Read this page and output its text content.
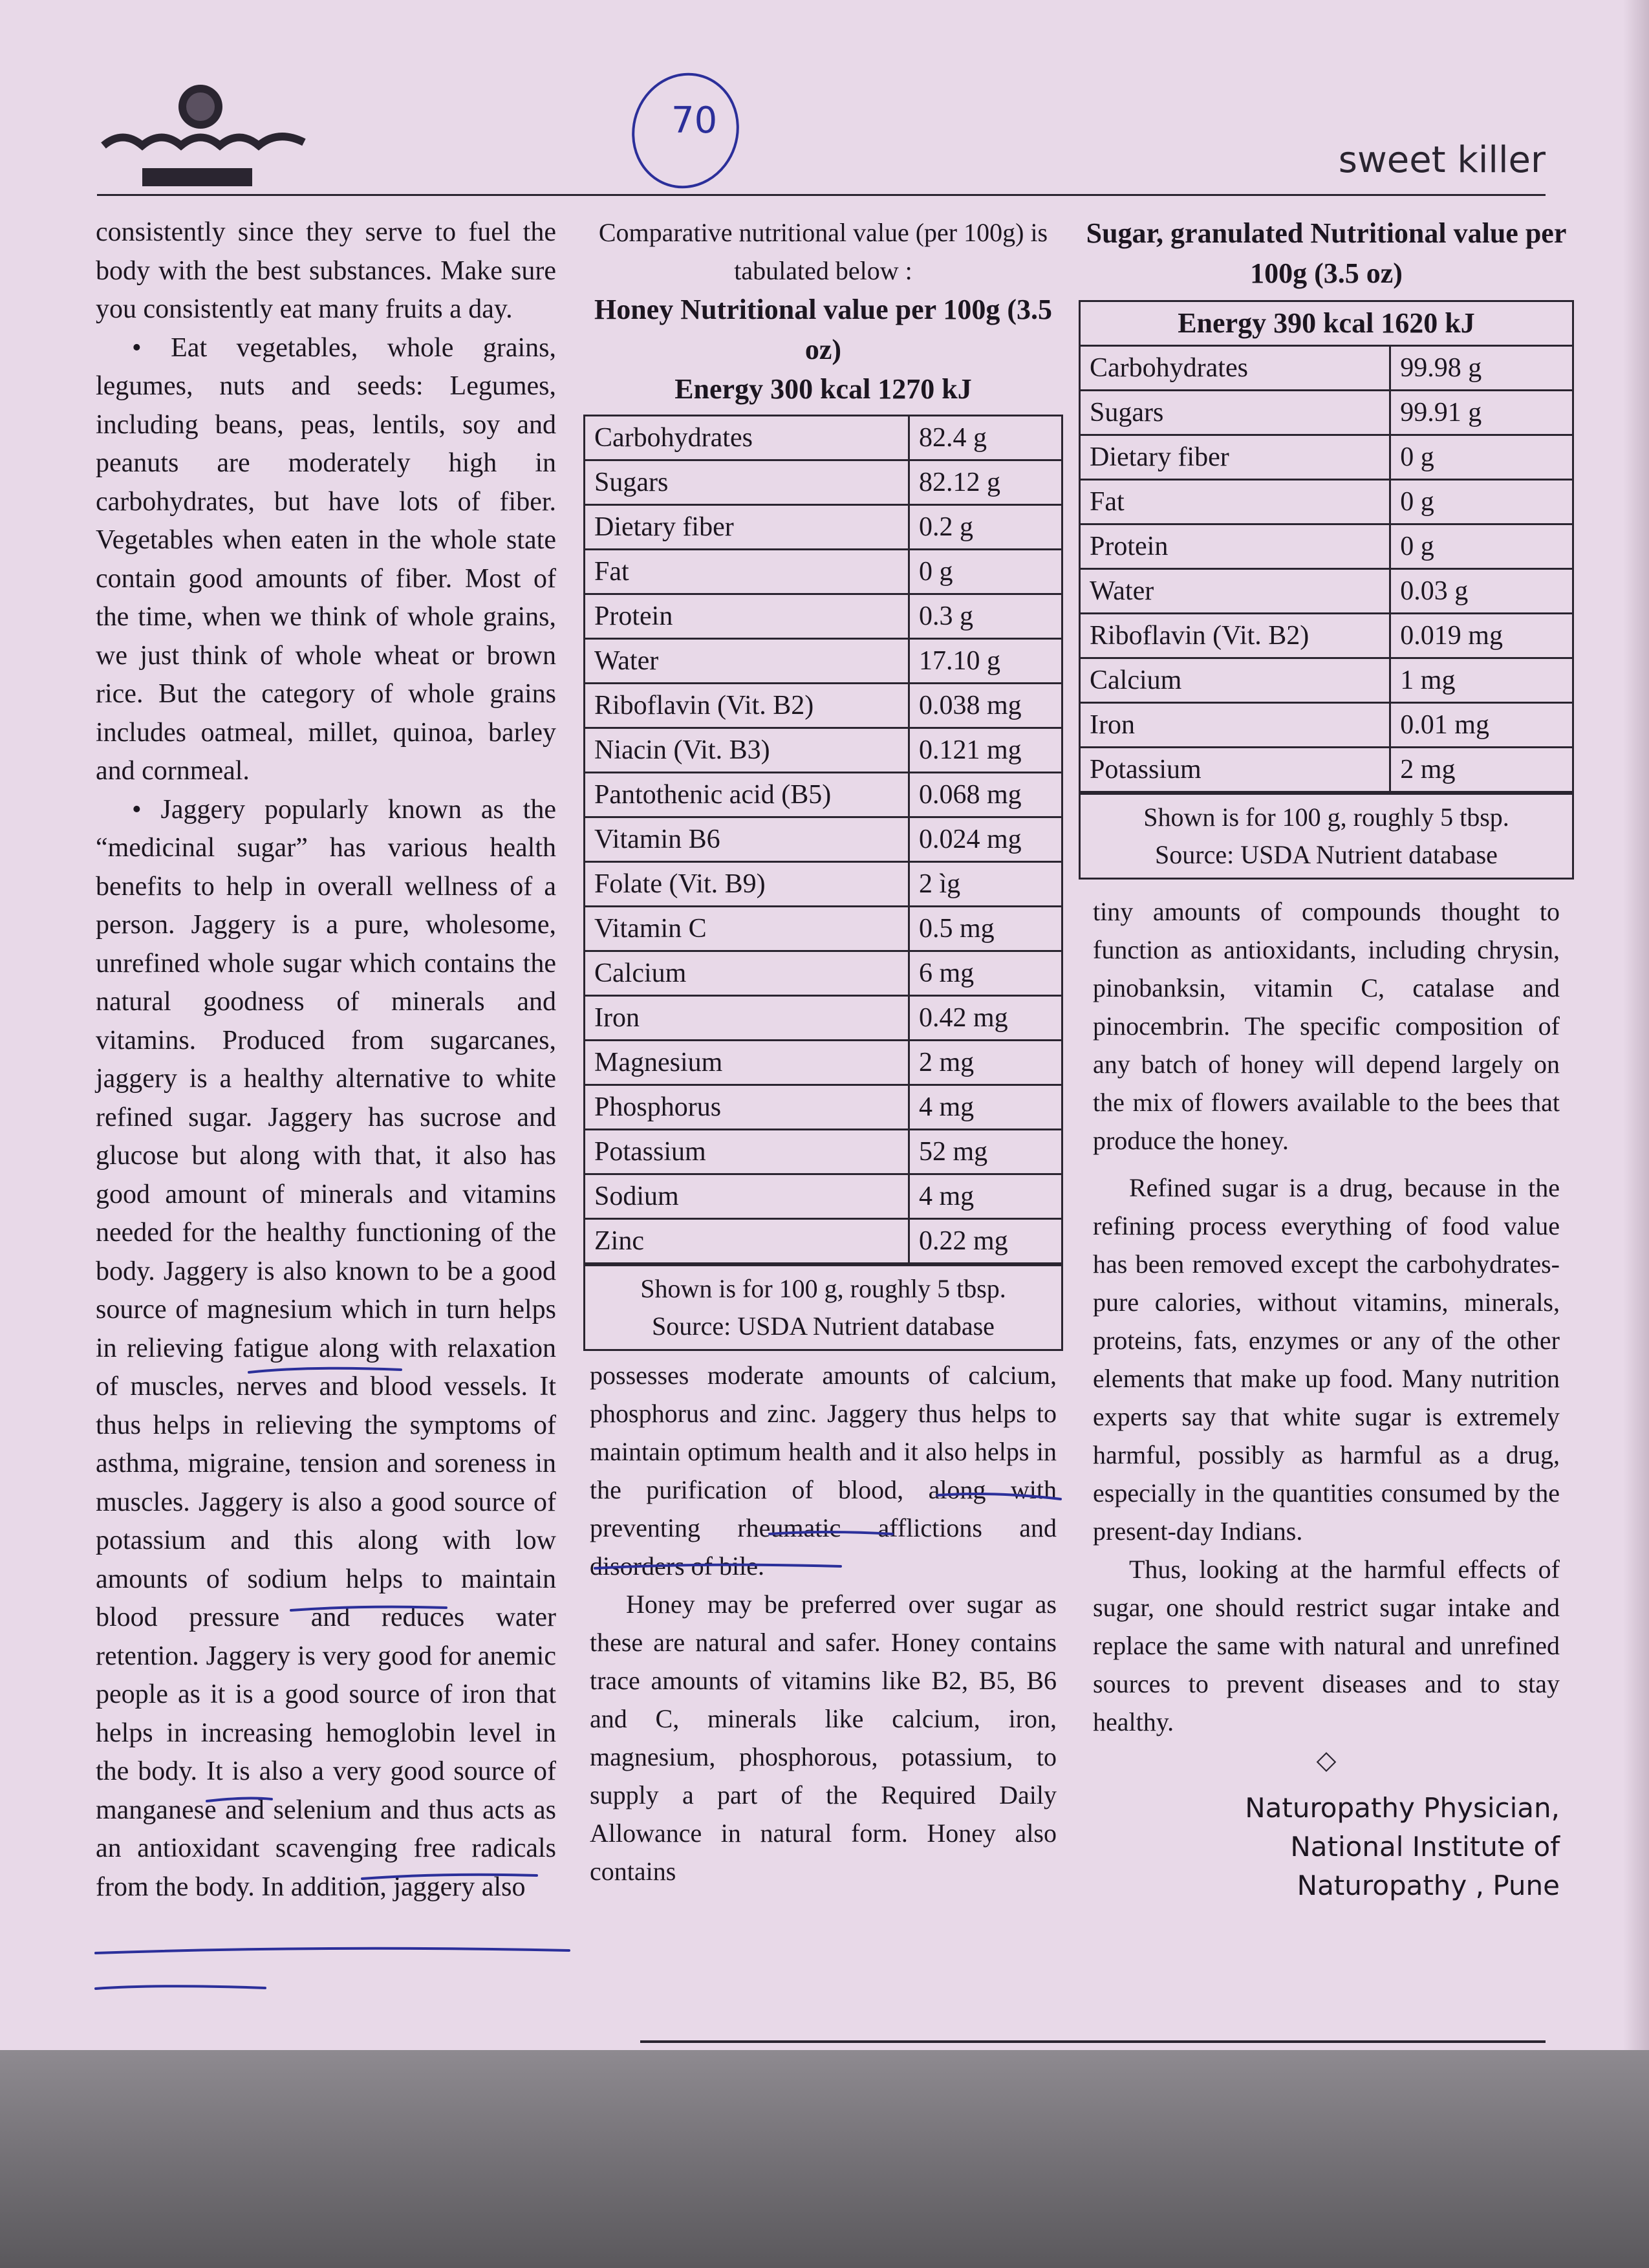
70
sweet killer

consistently since they serve to fuel the body with the best substances. Make sure you consistently eat many fruits a day.

• Eat vegetables, whole grains, legumes, nuts and seeds: Legumes, including beans, peas, lentils, soy and peanuts are moderately high in carbohydrates, but have lots of fiber. Vegetables when eaten in the whole state contain good amounts of fiber. Most of the time, when we think of whole grains, we just think of whole wheat or brown rice. But the category of whole grains includes oatmeal, millet, quinoa, barley and cornmeal.

• Jaggery popularly known as the “medicinal sugar” has various health benefits to help in overall wellness of a person. Jaggery is a pure, wholesome, unrefined whole sugar which contains the natural goodness of minerals and vitamins. Produced from sugarcanes, jaggery is a healthy alternative to white refined sugar. Jaggery has sucrose and glucose but along with that, it also has good amount of minerals and vitamins needed for the healthy functioning of the body. Jaggery is also known to be a good source of magnesium which in turn helps in relieving fatigue along with relaxation of muscles, nerves and blood vessels. It thus helps in relieving the symptoms of asthma, migraine, tension and soreness in muscles. Jaggery is also a good source of potassium and this along with low amounts of sodium helps to maintain blood pressure and reduces water retention. Jaggery is very good for anemic people as it is a good source of iron that helps in increasing hemoglobin level in the body. It is also a very good source of manganese and selenium and thus acts as an antioxidant scavenging free radicals from the body. In addition, jaggery also

Comparative nutritional value (per 100g) is tabulated below :

Honey Nutritional value per 100g (3.5 oz)
Energy 300 kcal 1270 kJ
Carbohydrates	82.4 g
Sugars	82.12 g
Dietary fiber	0.2 g
Fat	0 g
Protein	0.3 g
Water	17.10 g
Riboflavin (Vit. B2)	0.038 mg
Niacin (Vit. B3)	0.121 mg
Pantothenic acid (B5)	0.068 mg
Vitamin B6	0.024 mg
Folate (Vit. B9)	2 ìg
Vitamin C	0.5 mg
Calcium	6 mg
Iron	0.42 mg
Magnesium	2 mg
Phosphorus	4 mg
Potassium	52 mg
Sodium	4 mg
Zinc	0.22 mg
Shown is for 100 g, roughly 5 tbsp.
Source: USDA Nutrient database

possesses moderate amounts of calcium, phosphorus and zinc. Jaggery thus helps to maintain optimum health and it also helps in the purification of blood, along with preventing rheumatic afflictions and disorders of bile.

Honey may be preferred over sugar as these are natural and safer. Honey contains trace amounts of vitamins like B2, B5, B6 and C, minerals like calcium, iron, magnesium, phosphorous, potassium, to supply a part of the Required Daily Allowance in natural form. Honey also contains

Sugar, granulated Nutritional value per 100g (3.5 oz)
Energy 390 kcal 1620 kJ
Carbohydrates	99.98 g
Sugars	99.91 g
Dietary fiber	0 g
Fat	0 g
Protein	0 g
Water	0.03 g
Riboflavin (Vit. B2)	0.019 mg
Calcium	1 mg
Iron	0.01 mg
Potassium	2 mg
Shown is for 100 g, roughly 5 tbsp.
Source: USDA Nutrient database

tiny amounts of compounds thought to function as antioxidants, including chrysin, pinobanksin, vitamin C, catalase and pinocembrin. The specific composition of any batch of honey will depend largely on the mix of flowers available to the bees that produce the honey.

Refined sugar is a drug, because in the refining process everything of food value has been removed except the carbohydrates-pure calories, without vitamins, minerals, proteins, fats, enzymes or any of the other elements that make up food. Many nutrition experts say that white sugar is extremely harmful, possibly as harmful as a drug, especially in the quantities consumed by the present-day Indians.

Thus, looking at the harmful effects of sugar, one should restrict sugar intake and replace the same with natural and unrefined sources to prevent diseases and to stay healthy.

◇
Naturopathy Physician,
National Institute of
Naturopathy , Pune
